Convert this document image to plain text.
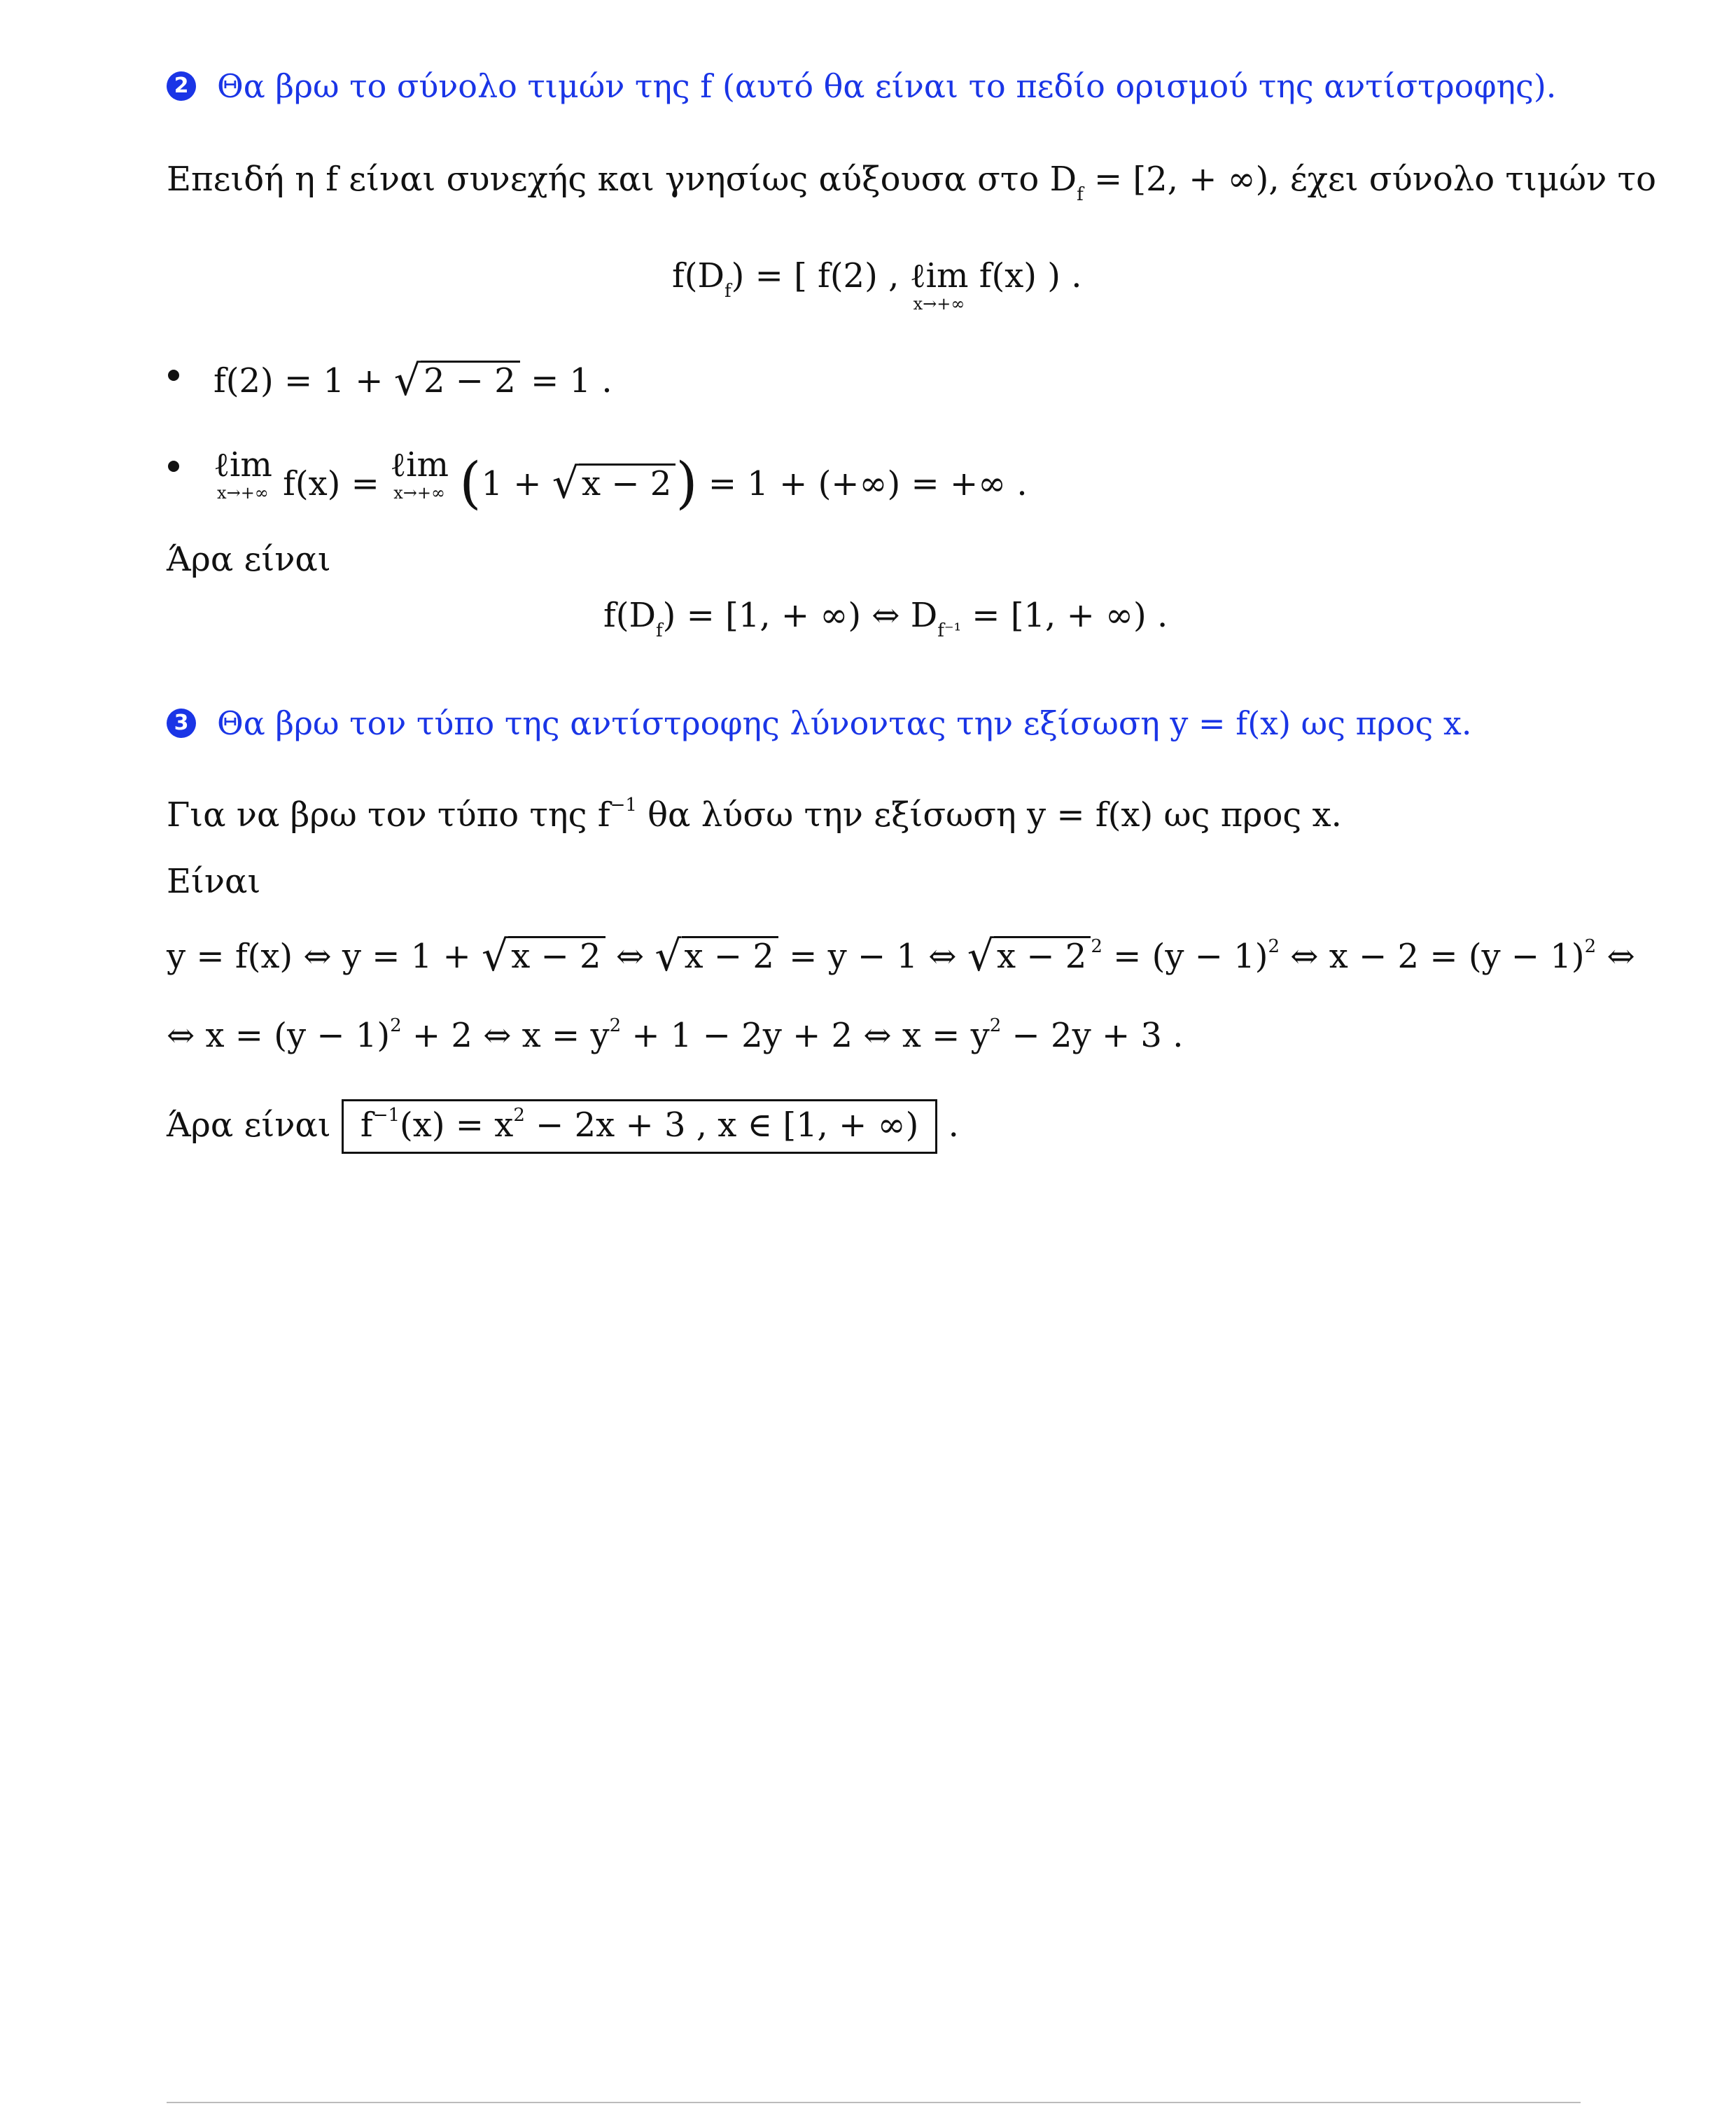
2 Θα βρω το σύνολο τιμών της f (αυτό θα είναι το πεδίο ορισμού της αντίστροφης).
Επειδή η f είναι συνεχής και γνησίως αύξουσα στο $D_f = [2$, + ∞), έχει σύνολο τιμών το
$f(D_f)$ = [ f(2) , ℓim
x→+∞
f(x) ) .
f(2) = 1 + √2 − 2 = 1 .
ℓim
x→+∞ f(x) = ℓim
x→+∞ (1 + √x − 2) = 1 + (+∞) = +∞ .
Άρα είναι
$f(D_f) = [1$, + ∞) ⇔ $D_{f^{-1}} = [1$, + ∞) .
3 Θα βρω τον τύπο της αντίστροφης λύνοντας την εξίσωση y = f(x) ως προς x.
Για να βρω τον τύπο της $f^{-1}$ θα λύσω την εξίσωση y = f(x) ως προς x.
Είναι
y = f(x) ⇔ y = 1 + √x − 2 ⇔ √x − 2 = y − 1 ⇔ √x − 2 $^2 = (y - 1)^2$ ⇔ $x - 2 = (y - 1)^2$ ⇔
⇔ $x = (y - 1)^2 + 2$ ⇔ $x = y^2 + 1 - 2y + 2$ ⇔ $x = y^2 - 2y + 3$ .
Άρα είναι $f^{-1}(x) = x^2 - 2x + 3$ , x ∈ [1, + ∞) .
